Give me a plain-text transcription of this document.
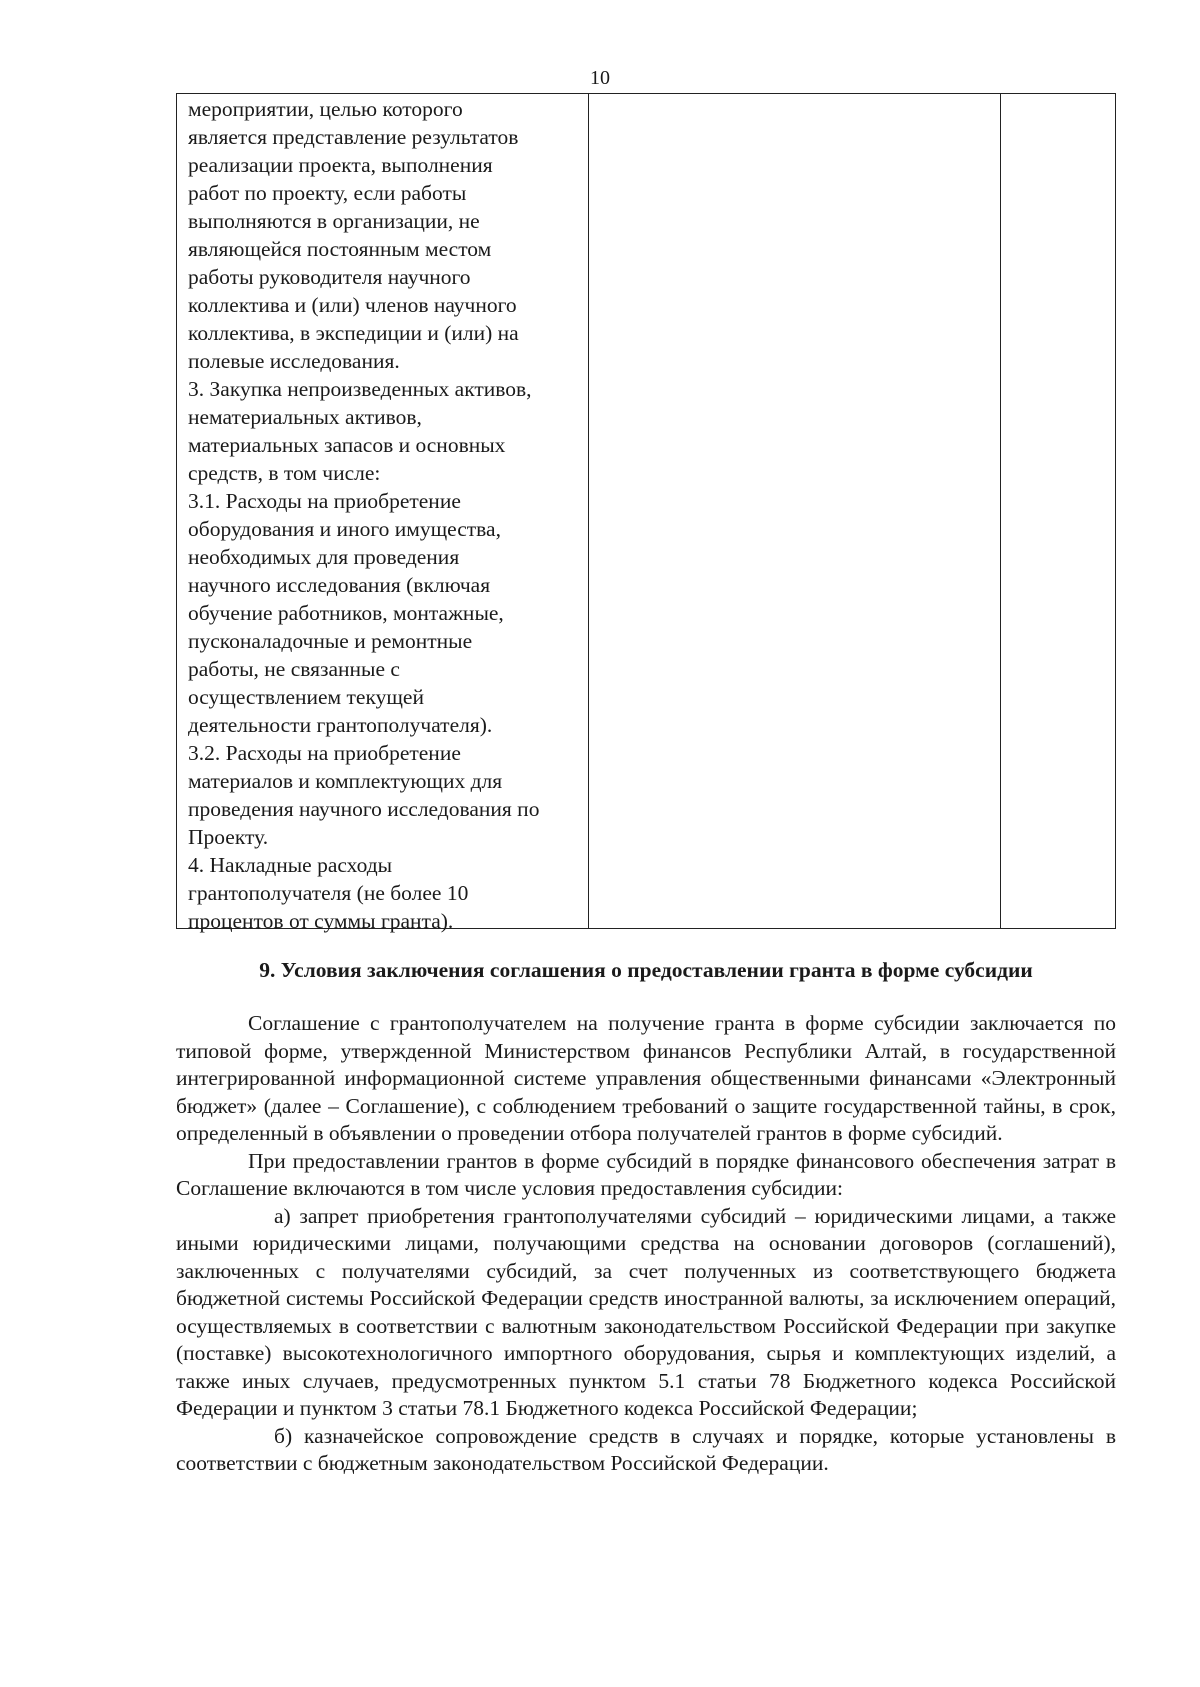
10
мероприятии, целью которого
является представление результатов
реализации проекта, выполнения
работ по проекту, если работы
выполняются в организации, не
являющейся постоянным местом
работы руководителя научного
коллектива и (или) членов научного
коллектива, в экспедиции и (или) на
полевые исследования.
3. Закупка непроизведенных активов,
нематериальных активов,
материальных запасов и основных
средств, в том числе:
3.1. Расходы на приобретение
оборудования и иного имущества,
необходимых для проведения
научного исследования (включая
обучение работников, монтажные,
пусконаладочные и ремонтные
работы, не связанные с
осуществлением текущей
деятельности грантополучателя).
3.2. Расходы на приобретение
материалов и комплектующих для
проведения научного исследования по
Проекту.
4. Накладные расходы
грантополучателя (не более 10
процентов от суммы гранта).
9. Условия заключения соглашения о предоставлении гранта в форме субсидии

Соглашение с грантополучателем на получение гранта в форме субсидии заключается по типовой форме, утвержденной Министерством финансов Республики Алтай, в государственной интегрированной информационной системе управления общественными финансами «Электронный бюджет» (далее – Соглашение), с соблюдением требований о защите государственной тайны, в срок, определенный в объявлении о проведении отбора получателей грантов в форме субсидий.

При предоставлении грантов в форме субсидий в порядке финансового обеспечения затрат в Соглашение включаются в том числе условия предоставления субсидии:

а) запрет приобретения грантополучателями субсидий – юридическими лицами, а также иными юридическими лицами, получающими средства на основании договоров (соглашений), заключенных с получателями субсидий, за счет полученных из соответствующего бюджета бюджетной системы Российской Федерации средств иностранной валюты, за исключением операций, осуществляемых в соответствии с валютным законодательством Российской Федерации при закупке (поставке) высокотехнологичного импортного оборудования, сырья и комплектующих изделий, а также иных случаев, предусмотренных пунктом 5.1 статьи 78 Бюджетного кодекса Российской Федерации и пунктом 3 статьи 78.1 Бюджетного кодекса Российской Федерации;

б) казначейское сопровождение средств в случаях и порядке, которые установлены в соответствии с бюджетным законодательством Российской Федерации.
